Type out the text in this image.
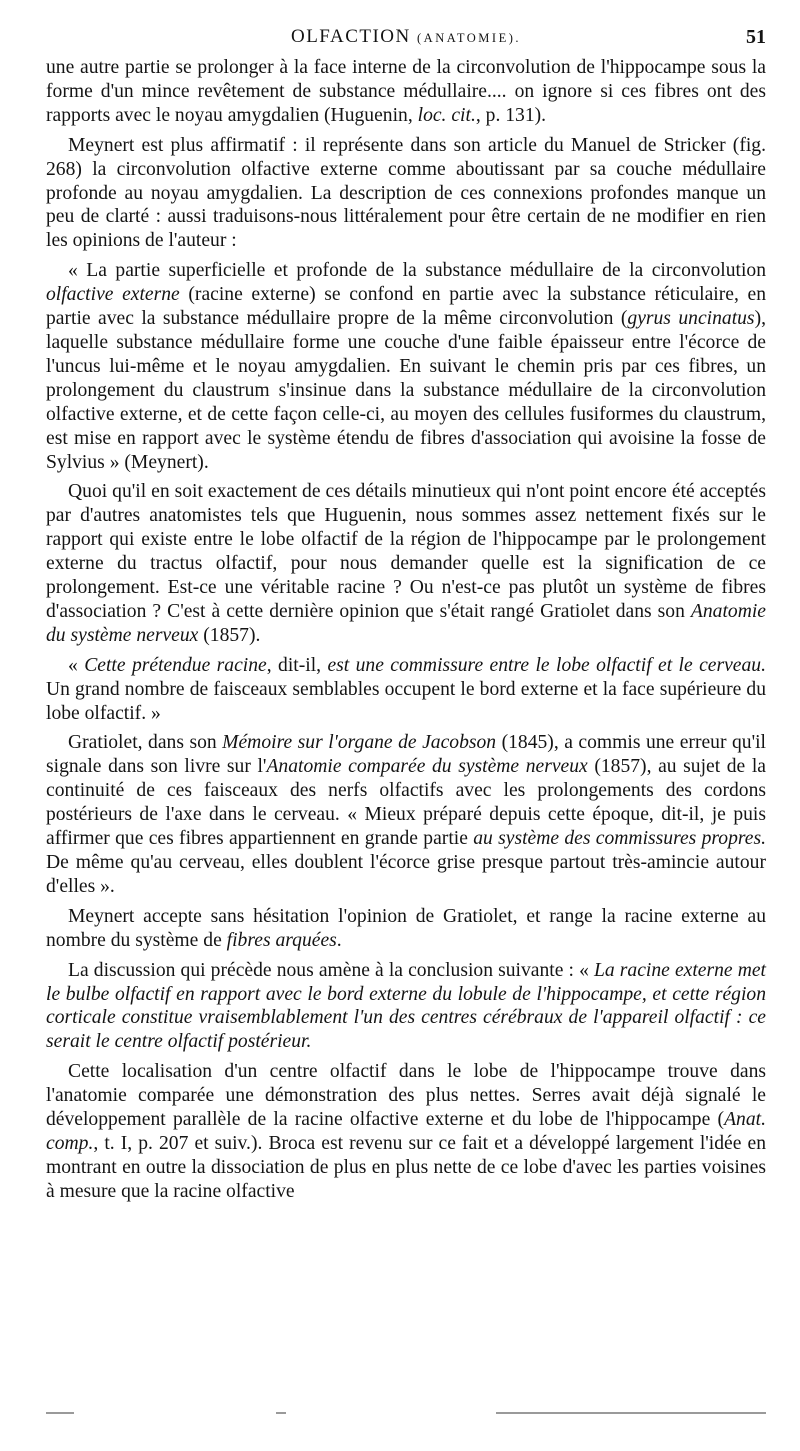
OLFACTION (ANATOMIE).	51

une autre partie se prolonger à la face interne de la circonvolution de l'hippocampe sous la forme d'un mince revêtement de substance médullaire.... on ignore si ces fibres ont des rapports avec le noyau amygdalien (Huguenin, loc. cit., p. 131).

Meynert est plus affirmatif : il représente dans son article du Manuel de Stricker (fig. 268) la circonvolution olfactive externe comme aboutissant par sa couche médullaire profonde au noyau amygdalien. La description de ces connexions profondes manque un peu de clarté : aussi traduisons-nous littéralement pour être certain de ne modifier en rien les opinions de l'auteur :

« La partie superficielle et profonde de la substance médullaire de la circonvolution olfactive externe (racine externe) se confond en partie avec la substance réticulaire, en partie avec la substance médullaire propre de la même circonvolution (gyrus uncinatus), laquelle substance médullaire forme une couche d'une faible épaisseur entre l'écorce de l'uncus lui-même et le noyau amygdalien. En suivant le chemin pris par ces fibres, un prolongement du claustrum s'insinue dans la substance médullaire de la circonvolution olfactive externe, et de cette façon celle-ci, au moyen des cellules fusiformes du claustrum, est mise en rapport avec le système étendu de fibres d'association qui avoisine la fosse de Sylvius » (Meynert).

Quoi qu'il en soit exactement de ces détails minutieux qui n'ont point encore été acceptés par d'autres anatomistes tels que Huguenin, nous sommes assez nettement fixés sur le rapport qui existe entre le lobe olfactif de la région de l'hippocampe par le prolongement externe du tractus olfactif, pour nous demander quelle est la signification de ce prolongement. Est-ce une véritable racine ? Ou n'est-ce pas plutôt un système de fibres d'association ? C'est à cette dernière opinion que s'était rangé Gratiolet dans son Anatomie du système nerveux (1857).

« Cette prétendue racine, dit-il, est une commissure entre le lobe olfactif et le cerveau. Un grand nombre de faisceaux semblables occupent le bord externe et la face supérieure du lobe olfactif. »

Gratiolet, dans son Mémoire sur l'organe de Jacobson (1845), a commis une erreur qu'il signale dans son livre sur l'Anatomie comparée du système nerveux (1857), au sujet de la continuité de ces faisceaux des nerfs olfactifs avec les prolongements des cordons postérieurs de l'axe dans le cerveau. « Mieux préparé depuis cette époque, dit-il, je puis affirmer que ces fibres appartiennent en grande partie au système des commissures propres. De même qu'au cerveau, elles doublent l'écorce grise presque partout très-amincie autour d'elles ».

Meynert accepte sans hésitation l'opinion de Gratiolet, et range la racine externe au nombre du système de fibres arquées.

La discussion qui précède nous amène à la conclusion suivante : « La racine externe met le bulbe olfactif en rapport avec le bord externe du lobule de l'hippocampe, et cette région corticale constitue vraisemblablement l'un des centres cérébraux de l'appareil olfactif : ce serait le centre olfactif postérieur.

Cette localisation d'un centre olfactif dans le lobe de l'hippocampe trouve dans l'anatomie comparée une démonstration des plus nettes. Serres avait déjà signalé le développement parallèle de la racine olfactive externe et du lobe de l'hippocampe (Anat. comp., t. I, p. 207 et suiv.). Broca est revenu sur ce fait et a développé largement l'idée en montrant en outre la dissociation de plus en plus nette de ce lobe d'avec les parties voisines à mesure que la racine olfactive
